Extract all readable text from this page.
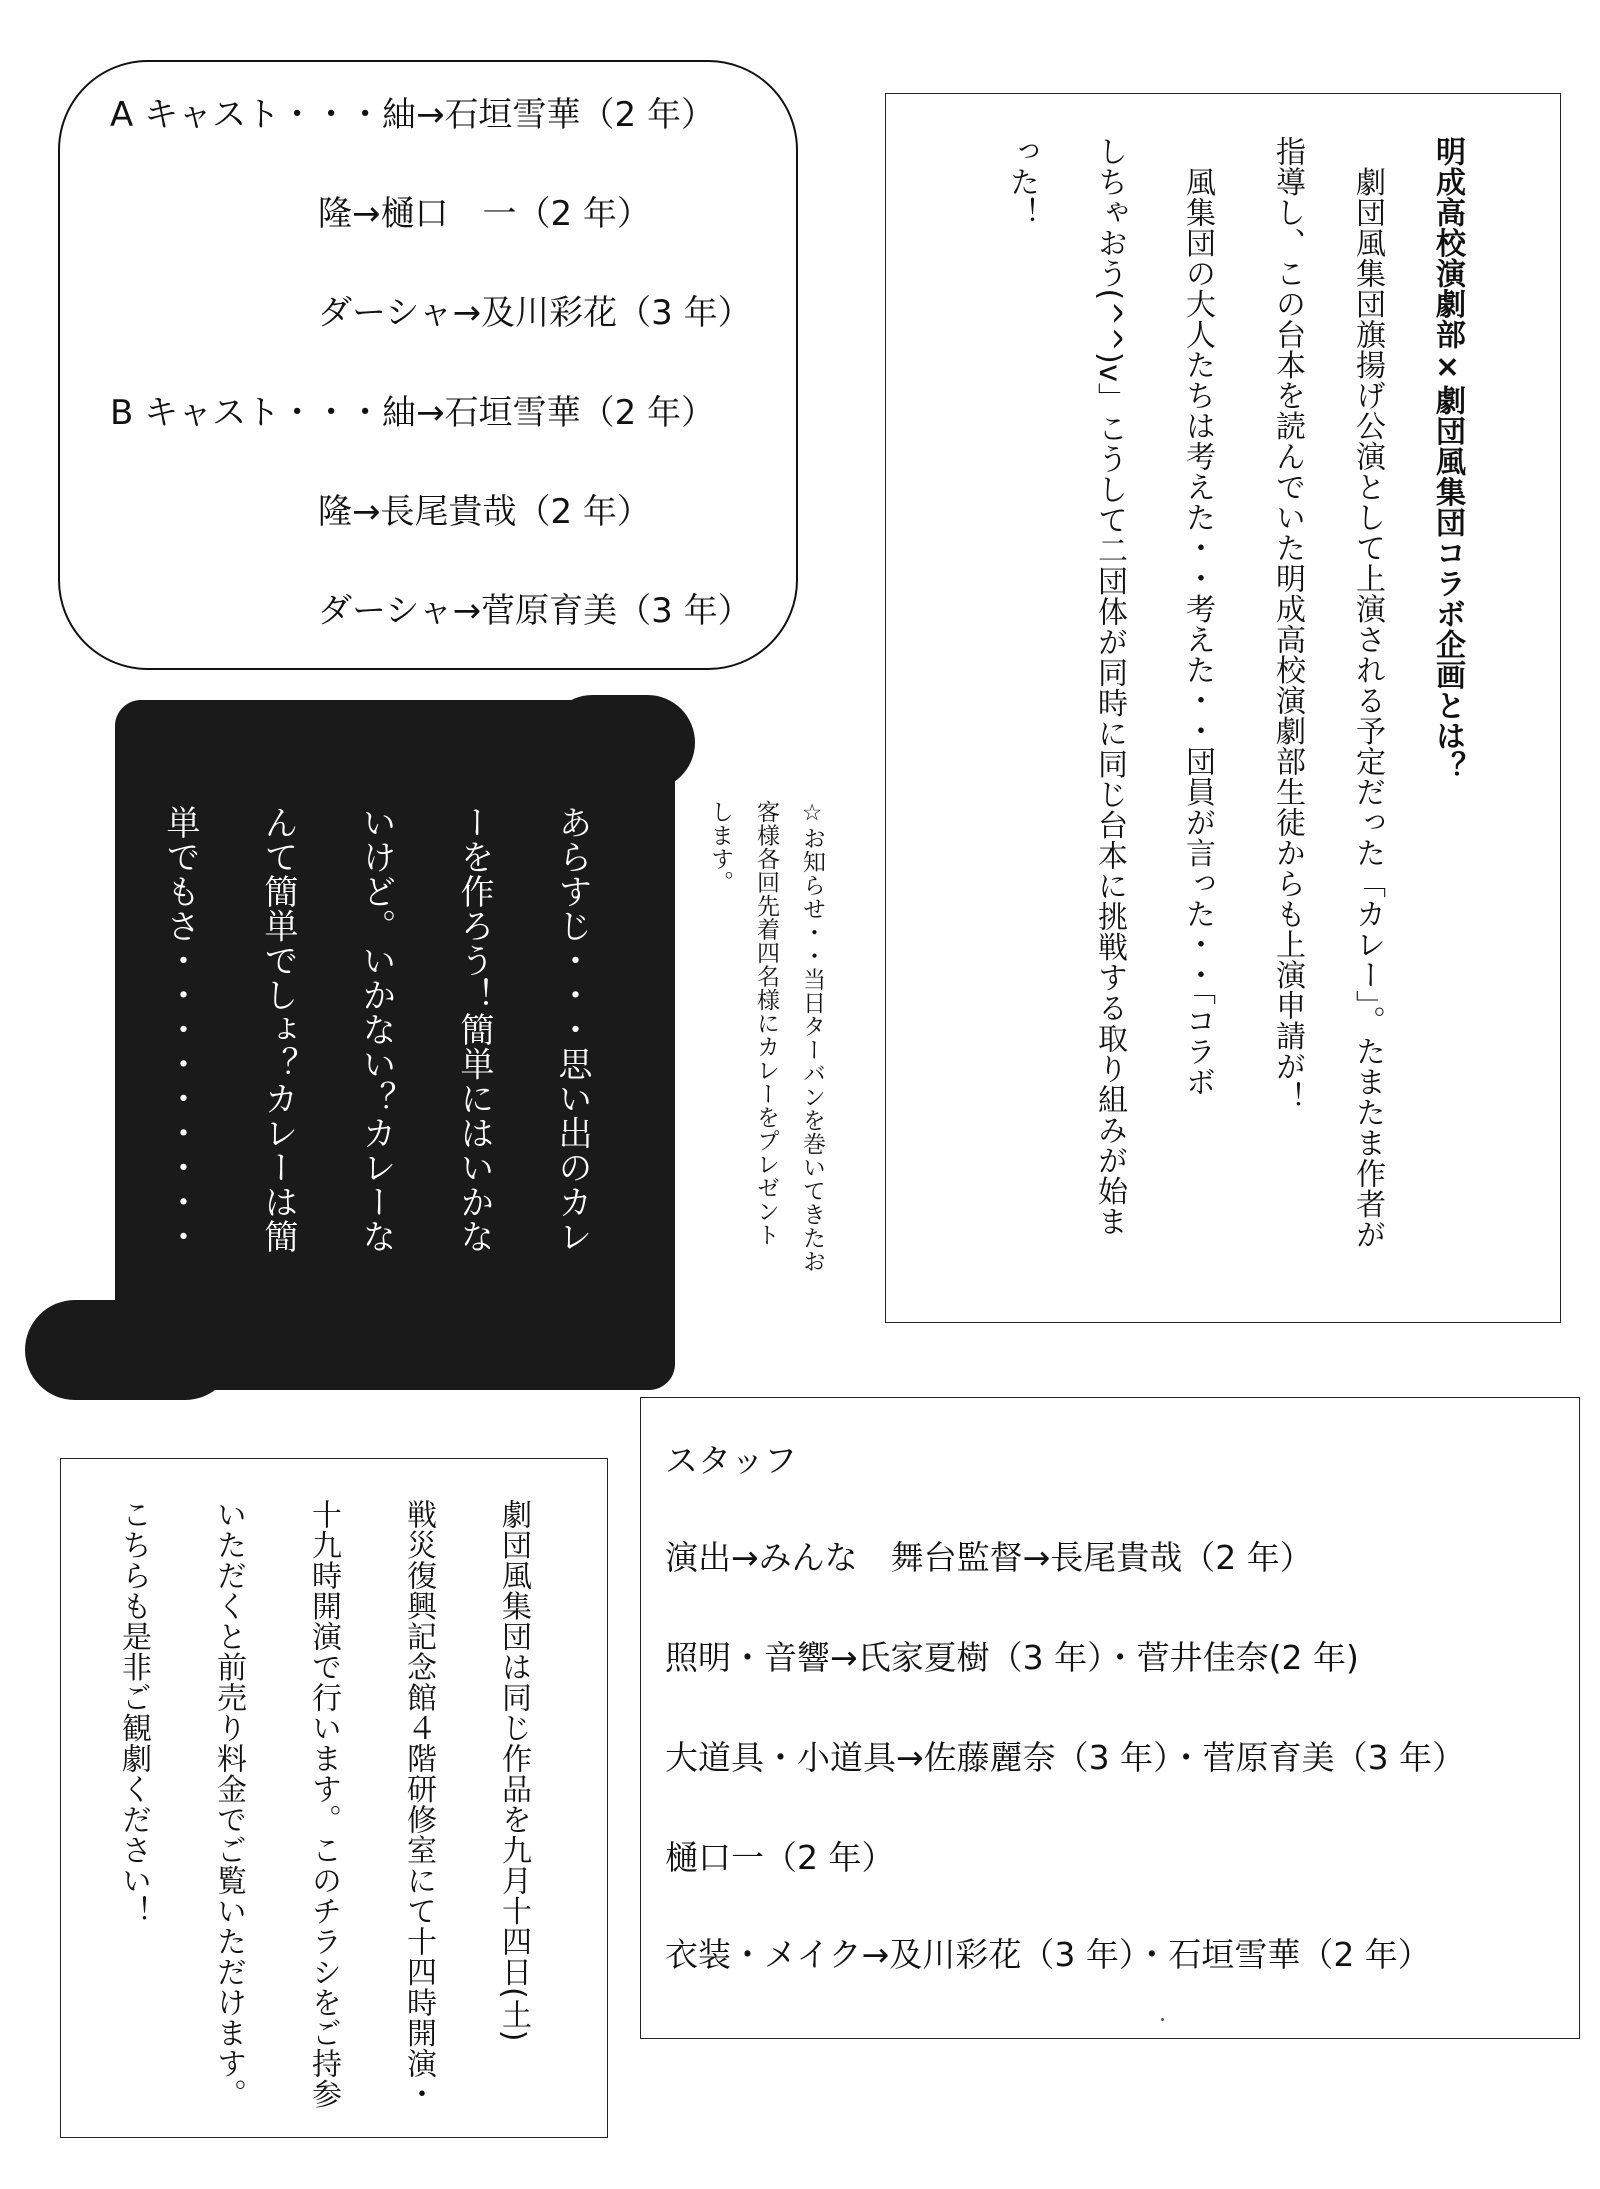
A キャスト・・・紬→石垣雪華（2 年）
隆→樋口　一（2 年）
ダーシャ→及川彩花（3 年）
B キャスト・・・紬→石垣雪華（2 年）
隆→長尾貴哉（2 年）
ダーシャ→菅原育美（3 年）	明成高校演劇部×劇団風集団コラボ企画とは？
　劇団風集団旗揚げ公演として上演される予定だった「カレー」。たまたま作者が
指導し、この台本を読んでいた明成高校演劇部生徒からも上演申請が！
　風集団の大人たちは考えた・・考えた・・団員が言った・・「コラボ
しちゃおう(^^)v」こうして二団体が同時に同じ台本に挑戦する取り組みが始ま
った！
あらすじ・・・思い出のカレ
ーを作ろう！簡単にはいかな
いけど。いかない？カレーな
んて簡単でしょ？カレーは簡
単でもさ・・・・・・・・・	☆お知らせ・・当日ターバンを巻いてきたお
客様各回先着四名様にカレーをプレゼント
します。
劇団風集団は同じ作品を九月十四日(土)
戦災復興記念館４階研修室にて十四時開演・
十九時開演で行います。このチラシをご持参
いただくと前売り料金でご覧いただけます。
こちらも是非ご観劇ください！
スタッフ
演出→みんな　舞台監督→長尾貴哉（2 年）
照明・音響→氏家夏樹（3 年）・菅井佳奈(2 年)
大道具・小道具→佐藤麗奈（3 年）・菅原育美（3 年）
樋口一（2 年）
衣装・メイク→及川彩花（3 年）・石垣雪華（2 年）
